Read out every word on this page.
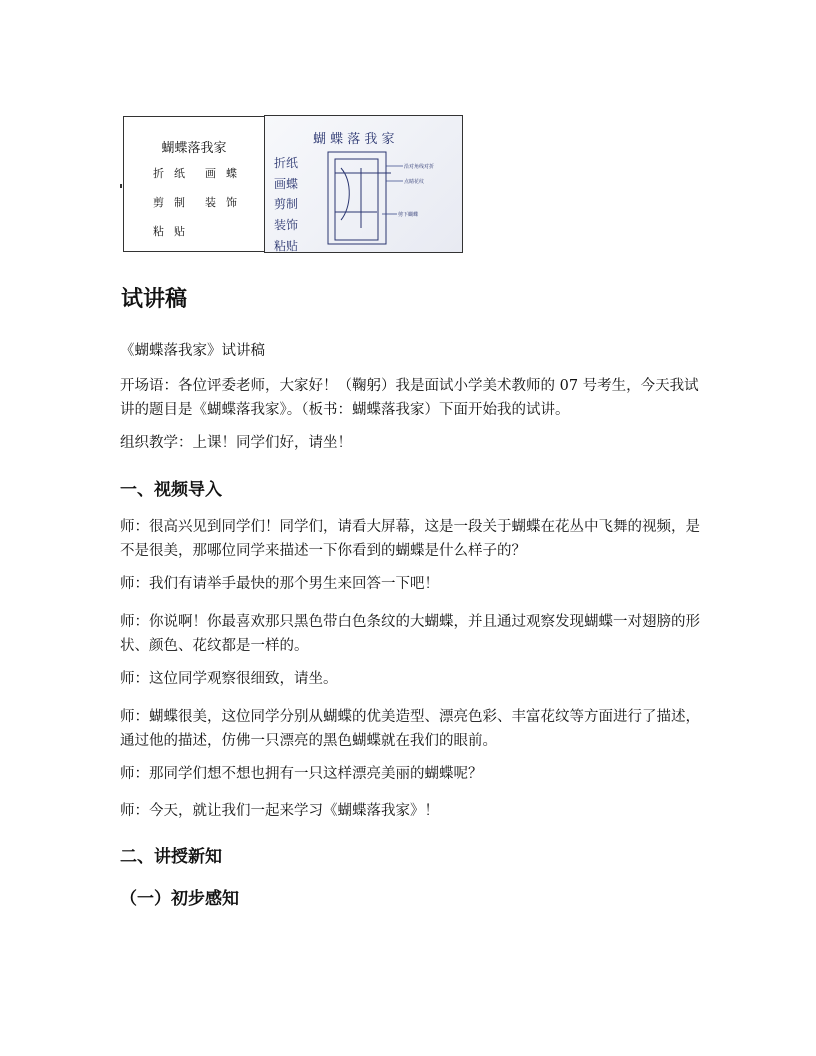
蝴蝶落我家
折纸 画蝶
剪制 装饰
粘贴
蝴 蝶 落 我 家
折纸
画蝶
剪制
装饰
粘贴
沿对角线对折
点睛花纹
剪下蝴蝶
试讲稿

《蝴蝶落我家》试讲稿

开场语：各位评委老师，大家好！（鞠躬）我是面试小学美术教师的 07 号考生，今天我试讲的题目是《蝴蝶落我家》。（板书：蝴蝶落我家）下面开始我的试讲。

组织教学：上课！同学们好，请坐！

一、视频导入

师：很高兴见到同学们！同学们，请看大屏幕，这是一段关于蝴蝶在花丛中飞舞的视频，是不是很美，那哪位同学来描述一下你看到的蝴蝶是什么样子的？

师：我们有请举手最快的那个男生来回答一下吧！

师：你说啊！你最喜欢那只黑色带白色条纹的大蝴蝶，并且通过观察发现蝴蝶一对翅膀的形状、颜色、花纹都是一样的。

师：这位同学观察很细致，请坐。

师：蝴蝶很美，这位同学分别从蝴蝶的优美造型、漂亮色彩、丰富花纹等方面进行了描述，通过他的描述，仿佛一只漂亮的黑色蝴蝶就在我们的眼前。

师：那同学们想不想也拥有一只这样漂亮美丽的蝴蝶呢？

师：今天，就让我们一起来学习《蝴蝶落我家》！

二、讲授新知
（一）初步感知
